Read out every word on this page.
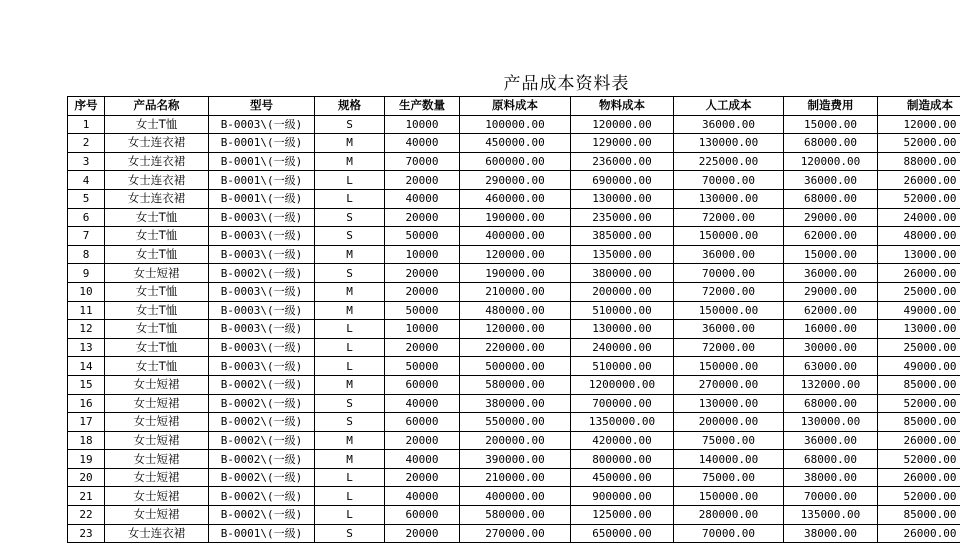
产品成本资料表
序号	产品名称	型号	规格	生产数量	原料成本	物料成本	人工成本	制造费用	制造成本
1	女士T恤	B-0003\(一级)	S	10000	100000.00	120000.00	36000.00	15000.00	12000.00
2	女士连衣裙	B-0001\(一级)	M	40000	450000.00	129000.00	130000.00	68000.00	52000.00
3	女士连衣裙	B-0001\(一级)	M	70000	600000.00	236000.00	225000.00	120000.00	88000.00
4	女士连衣裙	B-0001\(一级)	L	20000	290000.00	690000.00	70000.00	36000.00	26000.00
5	女士连衣裙	B-0001\(一级)	L	40000	460000.00	130000.00	130000.00	68000.00	52000.00
6	女士T恤	B-0003\(一级)	S	20000	190000.00	235000.00	72000.00	29000.00	24000.00
7	女士T恤	B-0003\(一级)	S	50000	400000.00	385000.00	150000.00	62000.00	48000.00
8	女士T恤	B-0003\(一级)	M	10000	120000.00	135000.00	36000.00	15000.00	13000.00
9	女士短裙	B-0002\(一级)	S	20000	190000.00	380000.00	70000.00	36000.00	26000.00
10	女士T恤	B-0003\(一级)	M	20000	210000.00	200000.00	72000.00	29000.00	25000.00
11	女士T恤	B-0003\(一级)	M	50000	480000.00	510000.00	150000.00	62000.00	49000.00
12	女士T恤	B-0003\(一级)	L	10000	120000.00	130000.00	36000.00	16000.00	13000.00
13	女士T恤	B-0003\(一级)	L	20000	220000.00	240000.00	72000.00	30000.00	25000.00
14	女士T恤	B-0003\(一级)	L	50000	500000.00	510000.00	150000.00	63000.00	49000.00
15	女士短裙	B-0002\(一级)	M	60000	580000.00	1200000.00	270000.00	132000.00	85000.00
16	女士短裙	B-0002\(一级)	S	40000	380000.00	700000.00	130000.00	68000.00	52000.00
17	女士短裙	B-0002\(一级)	S	60000	550000.00	1350000.00	200000.00	130000.00	85000.00
18	女士短裙	B-0002\(一级)	M	20000	200000.00	420000.00	75000.00	36000.00	26000.00
19	女士短裙	B-0002\(一级)	M	40000	390000.00	800000.00	140000.00	68000.00	52000.00
20	女士短裙	B-0002\(一级)	L	20000	210000.00	450000.00	75000.00	38000.00	26000.00
21	女士短裙	B-0002\(一级)	L	40000	400000.00	900000.00	150000.00	70000.00	52000.00
22	女士短裙	B-0002\(一级)	L	60000	580000.00	125000.00	280000.00	135000.00	85000.00
23	女士连衣裙	B-0001\(一级)	S	20000	270000.00	650000.00	70000.00	38000.00	26000.00
